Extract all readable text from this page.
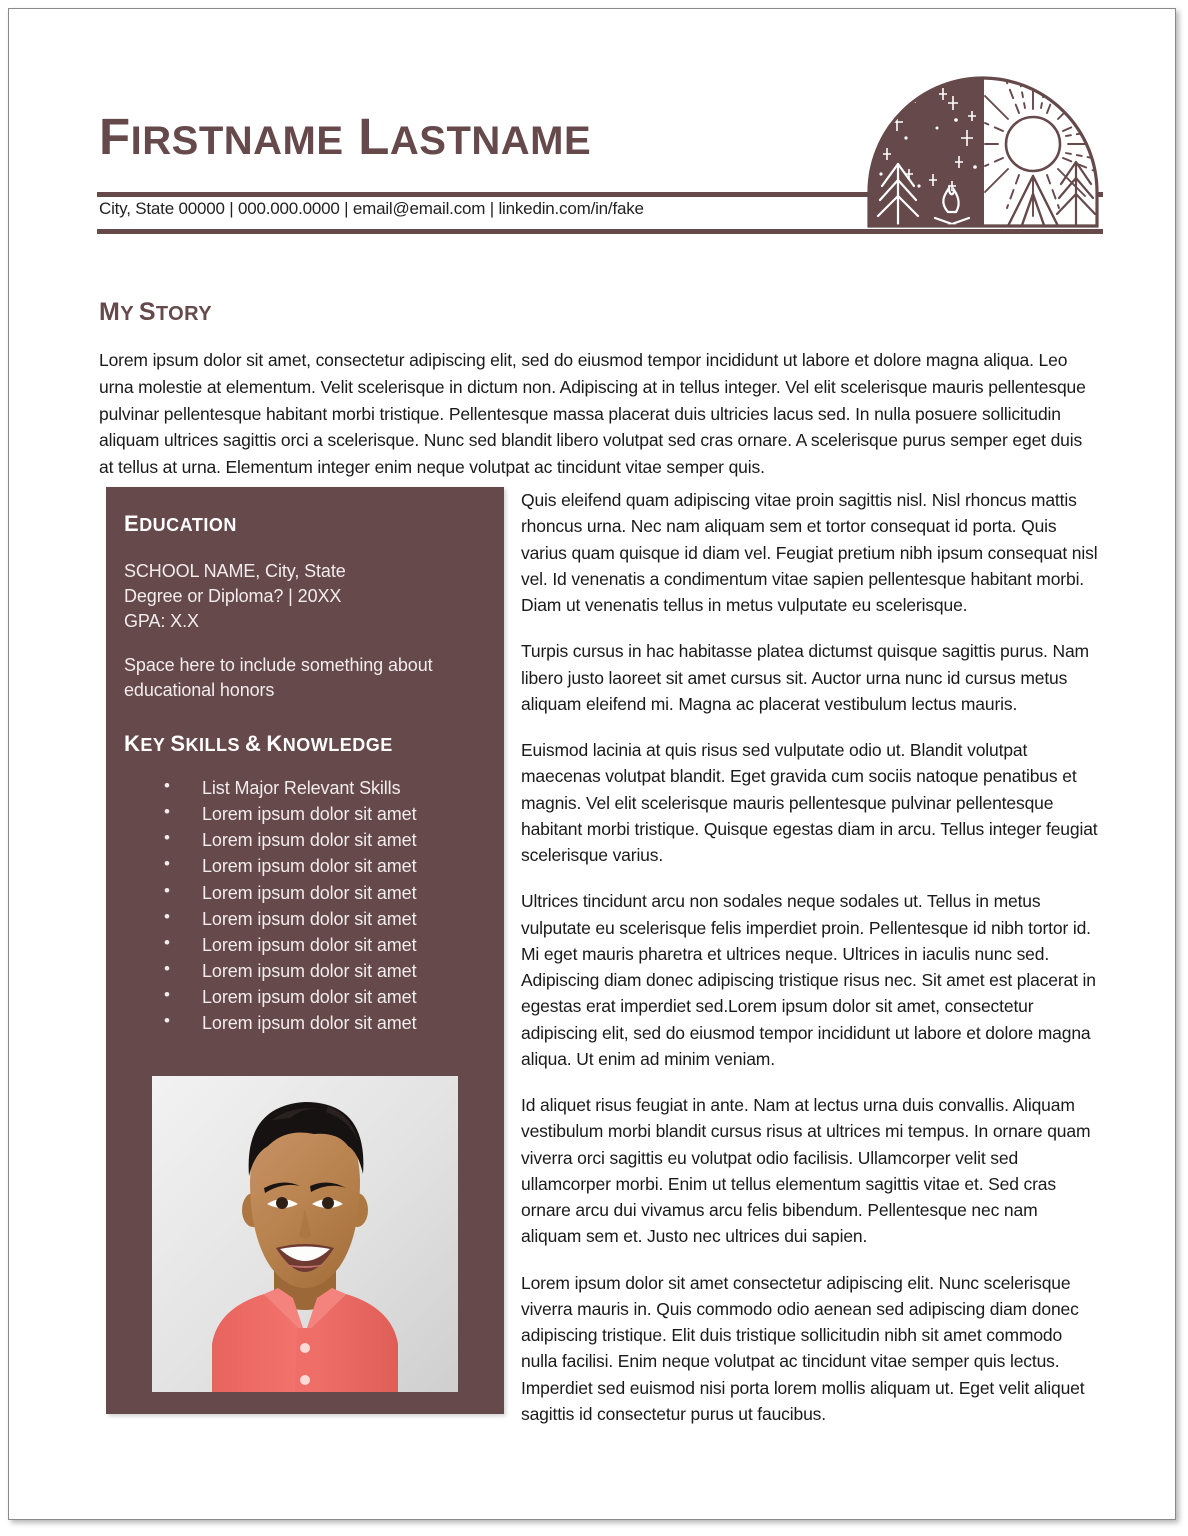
FIRSTNAME LASTNAME
City, State 00000 | 000.000.0000 | email@email.com | linkedin.com/in/fake
MY STORY
Lorem ipsum dolor sit amet, consectetur adipiscing elit, sed do eiusmod tempor incididunt ut labore et dolore magna aliqua. Leo urna molestie at elementum. Velit scelerisque in dictum non. Adipiscing at in tellus integer. Vel elit scelerisque mauris pellentesque pulvinar pellentesque habitant morbi tristique. Pellentesque massa placerat duis ultricies lacus sed. In nulla posuere sollicitudin aliquam ultrices sagittis orci a scelerisque. Nunc sed blandit libero volutpat sed cras ornare. A scelerisque purus semper eget duis at tellus at urna. Elementum integer enim neque volutpat ac tincidunt vitae semper quis.
EDUCATION
SCHOOL NAME, City, State
Degree or Diploma? | 20XX
GPA: X.X
Space here to include something about educational honors
KEY SKILLS & KNOWLEDGE
• List Major Relevant Skills
• Lorem ipsum dolor sit amet
• Lorem ipsum dolor sit amet
• Lorem ipsum dolor sit amet
• Lorem ipsum dolor sit amet
• Lorem ipsum dolor sit amet
• Lorem ipsum dolor sit amet
• Lorem ipsum dolor sit amet
• Lorem ipsum dolor sit amet
• Lorem ipsum dolor sit amet

Quis eleifend quam adipiscing vitae proin sagittis nisl. Nisl rhoncus mattis rhoncus urna. Nec nam aliquam sem et tortor consequat id porta. Quis varius quam quisque id diam vel. Feugiat pretium nibh ipsum consequat nisl vel. Id venenatis a condimentum vitae sapien pellentesque habitant morbi. Diam ut venenatis tellus in metus vulputate eu scelerisque.

Turpis cursus in hac habitasse platea dictumst quisque sagittis purus. Nam libero justo laoreet sit amet cursus sit. Auctor urna nunc id cursus metus aliquam eleifend mi. Magna ac placerat vestibulum lectus mauris.

Euismod lacinia at quis risus sed vulputate odio ut. Blandit volutpat maecenas volutpat blandit. Eget gravida cum sociis natoque penatibus et magnis. Vel elit scelerisque mauris pellentesque pulvinar pellentesque habitant morbi tristique. Quisque egestas diam in arcu. Tellus integer feugiat scelerisque varius.

Ultrices tincidunt arcu non sodales neque sodales ut. Tellus in metus vulputate eu scelerisque felis imperdiet proin. Pellentesque id nibh tortor id. Mi eget mauris pharetra et ultrices neque. Ultrices in iaculis nunc sed. Adipiscing diam donec adipiscing tristique risus nec. Sit amet est placerat in egestas erat imperdiet sed.Lorem ipsum dolor sit amet, consectetur adipiscing elit, sed do eiusmod tempor incididunt ut labore et dolore magna aliqua. Ut enim ad minim veniam.

Id aliquet risus feugiat in ante. Nam at lectus urna duis convallis. Aliquam vestibulum morbi blandit cursus risus at ultrices mi tempus. In ornare quam viverra orci sagittis eu volutpat odio facilisis. Ullamcorper velit sed ullamcorper morbi. Enim ut tellus elementum sagittis vitae et. Sed cras ornare arcu dui vivamus arcu felis bibendum. Pellentesque nec nam aliquam sem et. Justo nec ultrices dui sapien.

Lorem ipsum dolor sit amet consectetur adipiscing elit. Nunc scelerisque viverra mauris in. Quis commodo odio aenean sed adipiscing diam donec adipiscing tristique. Elit duis tristique sollicitudin nibh sit amet commodo nulla facilisi. Enim neque volutpat ac tincidunt vitae semper quis lectus. Imperdiet sed euismod nisi porta lorem mollis aliquam ut. Eget velit aliquet sagittis id consectetur purus ut faucibus.
